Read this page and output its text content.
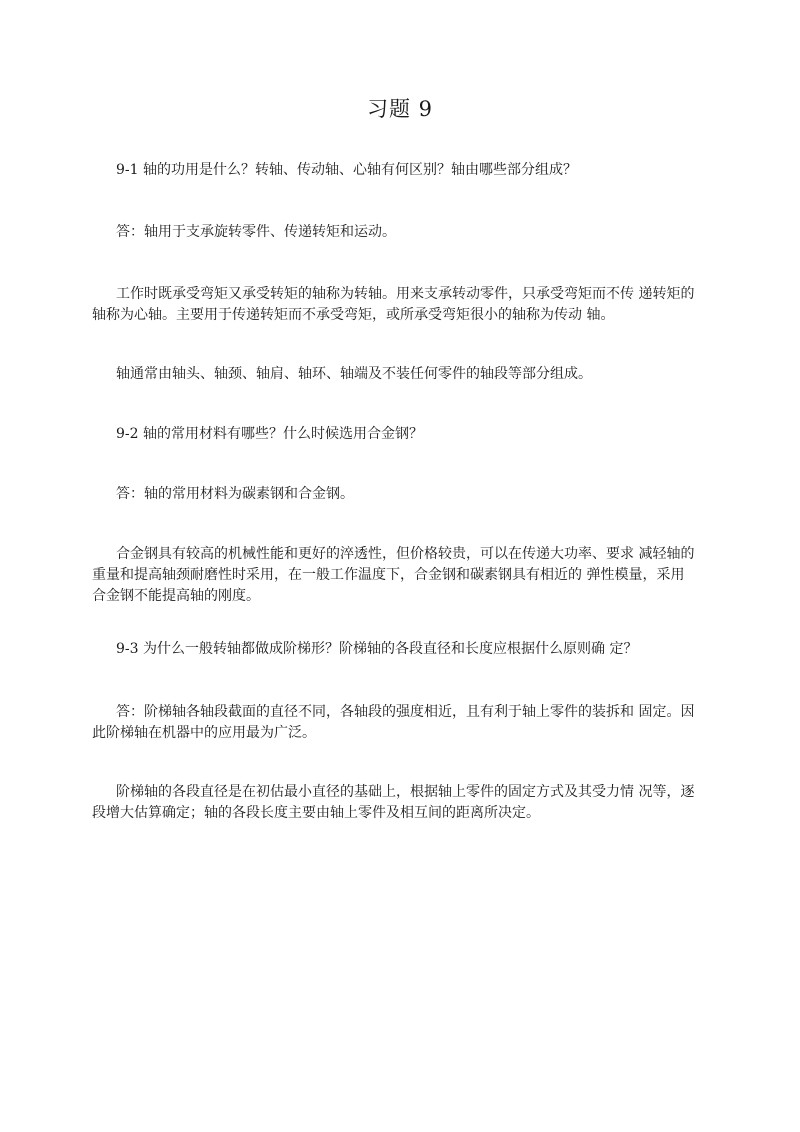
习题 9

9-1 轴的功用是什么？转轴、传动轴、心轴有何区别？轴由哪些部分组成？

答：轴用于支承旋转零件、传递转矩和运动。

工作时既承受弯矩又承受转矩的轴称为转轴。用来支承转动零件，只承受弯矩而不传 递转矩的轴称为心轴。主要用于传递转矩而不承受弯矩，或所承受弯矩很小的轴称为传动 轴。

轴通常由轴头、轴颈、轴肩、轴环、轴端及不装任何零件的轴段等部分组成。

9-2 轴的常用材料有哪些？什么时候选用合金钢？

答：轴的常用材料为碳素钢和合金钢。

合金钢具有较高的机械性能和更好的淬透性，但价格较贵，可以在传递大功率、要求 减轻轴的重量和提高轴颈耐磨性时采用，在一般工作温度下，合金钢和碳素钢具有相近的 弹性模量，采用合金钢不能提高轴的刚度。

9-3 为什么一般转轴都做成阶梯形？阶梯轴的各段直径和长度应根据什么原则确 定？

答：阶梯轴各轴段截面的直径不同，各轴段的强度相近，且有利于轴上零件的装拆和 固定。因此阶梯轴在机器中的应用最为广泛。

阶梯轴的各段直径是在初估最小直径的基础上，根据轴上零件的固定方式及其受力情 况等，逐段增大估算确定；轴的各段长度主要由轴上零件及相互间的距离所决定。
